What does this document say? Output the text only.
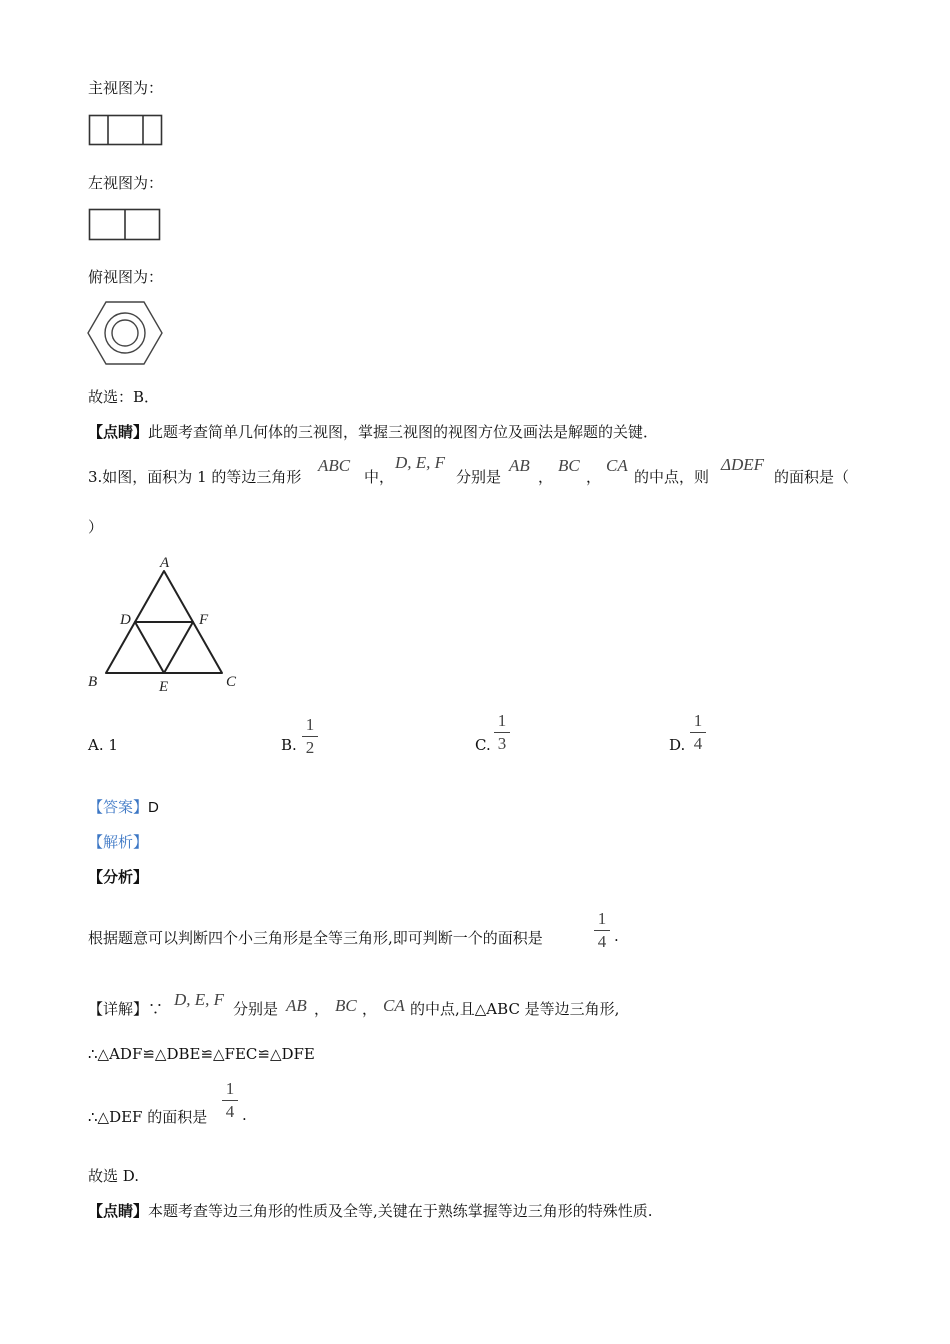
主视图为：
左视图为：
俯视图为：
故选：B．
【点睛】此题考查简单几何体的三视图，掌握三视图的视图方位及画法是解题的关键．
3.如图，面积为 1 的等边三角形
ABC
中，
D, E, F
分别是
AB
，
BC
，
CA
的中点，则
ΔDEF
的面积是（
）
A
B	C
D
E
F
A. 1	B.
1
2	C.
1
3	D.
1
4
【答案】D
【解析】
【分析】
根据题意可以判断四个小三角形是全等三角形,即可判断一个的面积是
1
4 .
【详解】∵ D, E, F 分别是 AB ， BC ， CA 的中点,且△ABC 是等边三角形,
∴△ADF≌△DBE≌△FEC≌△DFE
∴△DEF 的面积是
1
4 .
故选 D.
【点睛】本题考查等边三角形的性质及全等,关键在于熟练掌握等边三角形的特殊性质.
